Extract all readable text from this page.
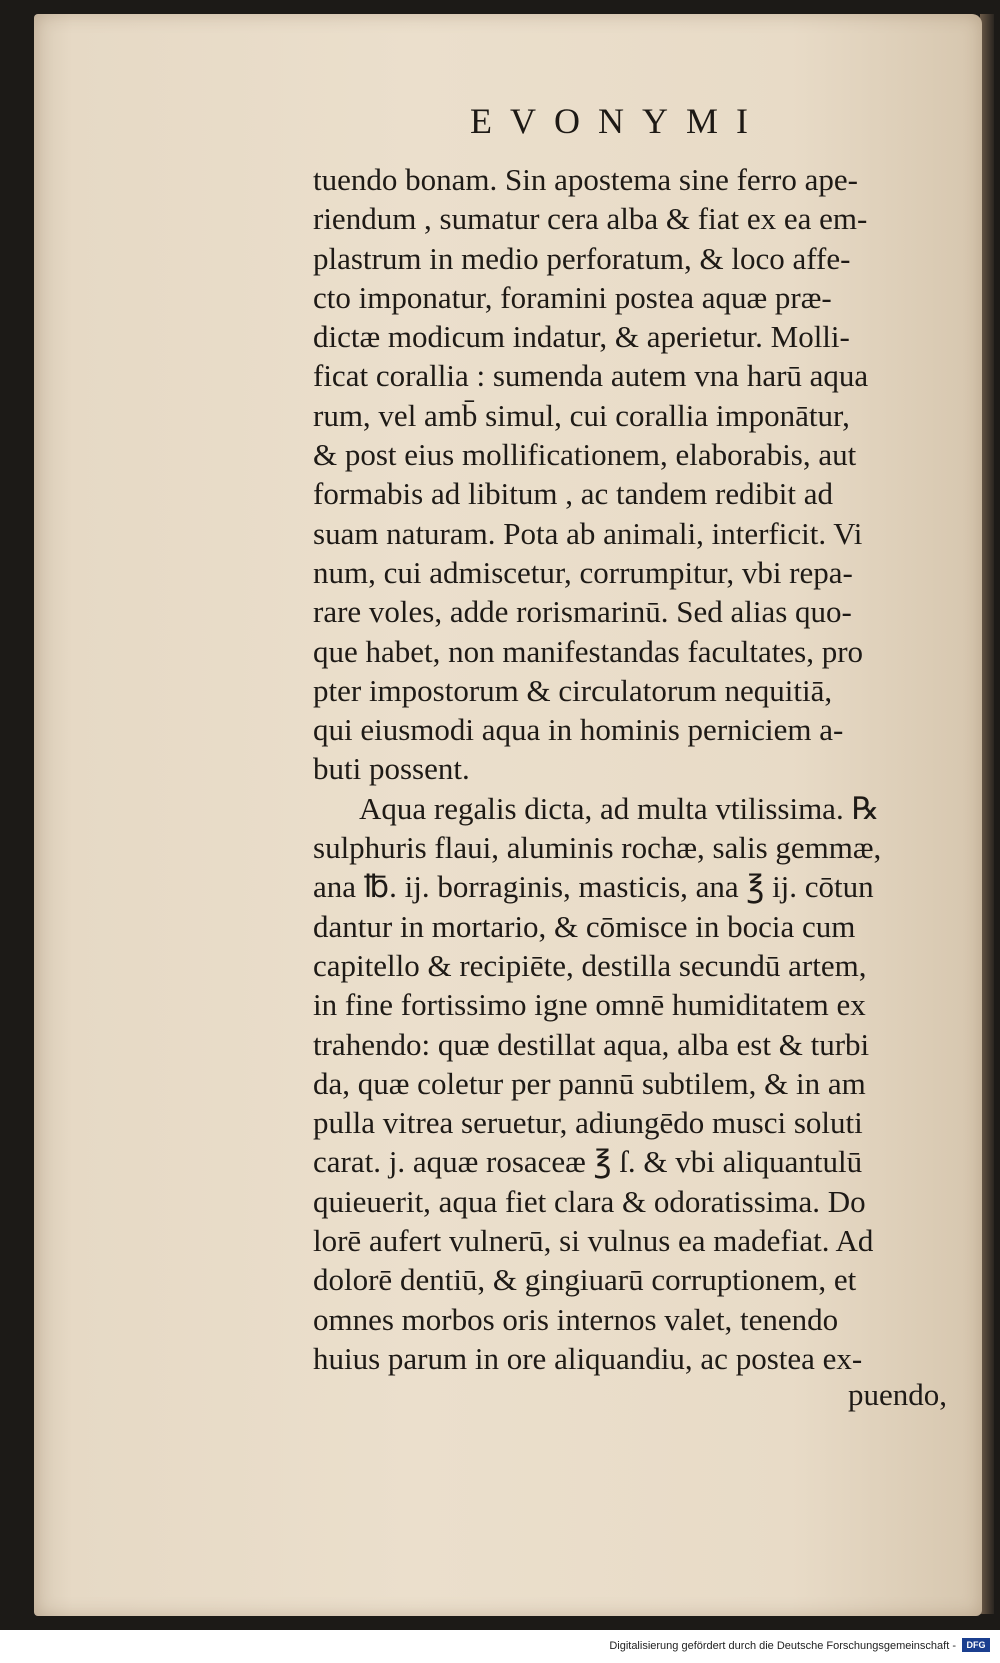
EVONYMI
tuendo bonam. Sin apostema sine ferro ape-
riendum , sumatur cera alba & fiat ex ea em-
plastrum in medio perforatum, & loco affe-
cto imponatur, foramini postea aquæ præ-
dictæ modicum indatur, & aperietur. Molli-
ficat corallia : sumenda autem vna harū aqua
rum, vel amb̄ simul, cui corallia imponātur,
& post eius mollificationem, elaborabis, aut
formabis ad libitum , ac tandem redibit ad
suam naturam. Pota ab animali, interficit. Vi
num, cui admiscetur, corrumpitur, vbi repa-
rare voles, adde rorismarinū. Sed alias quo-
que habet, non manifestandas facultates, pro
pter impostorum & circulatorum nequitiā,
qui eiusmodi aqua in hominis perniciem a-
buti possent.
Aqua regalis dicta, ad multa vtilissima. ℞
sulphuris flaui, aluminis rochæ, salis gemmæ,
ana ℔. ij. borraginis, masticis, ana ℥ ij. cōtun
dantur in mortario, & cōmisce in bocia cum
capitello & recipiēte, destilla secundū artem,
in fine fortissimo igne omnē humiditatem ex
trahendo: quæ destillat aqua, alba est & turbi
da, quæ coletur per pannū subtilem, & in am
pulla vitrea seruetur, adiungēdo musci soluti
carat. j. aquæ rosaceæ ℥ ſ. & vbi aliquantulū
quieuerit, aqua fiet clara & odoratissima. Do
lorē aufert vulnerū, si vulnus ea madefiat. Ad
dolorē dentiū, & gingiuarū corruptionem, et
omnes morbos oris internos valet, tenendo
huius parum in ore aliquandiu, ac postea ex-
puendo,
Digitalisierung gefördert durch die Deutsche Forschungsgemeinschaft -	DFG
